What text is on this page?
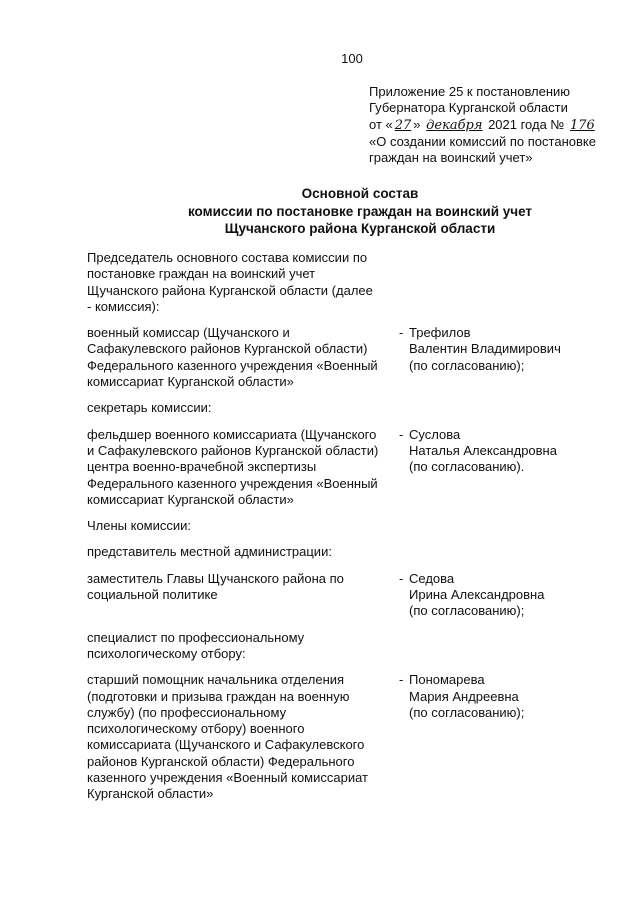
100
Приложение 25 к постановлению
Губернатора Курганской области
от « 27 » декабря 2021 года № 176
«О создании комиссий по постановке
граждан на воинский учет»
Основной состав
комиссии по постановке граждан на воинский учет
Щучанского района Курганской области
Председатель основного состава комиссии по постановке граждан на воинский учет Щучанского района Курганской области (далее - комиссия):
военный комиссар (Щучанского и Сафакулевского районов Курганской области) Федерального казенного учреждения «Военный комиссариат Курганской области»
- Трефилов
Валентин Владимирович
(по согласованию);
секретарь комиссии:
фельдшер военного комиссариата (Щучанского и Сафакулевского районов Курганской области) центра военно-врачебной экспертизы Федерального казенного учреждения «Военный комиссариат Курганской области»
- Суслова
Наталья Александровна
(по согласованию).
Члены комиссии:
представитель местной администрации:
заместитель Главы Щучанского района по социальной политике
- Седова
Ирина Александровна
(по согласованию);
специалист по профессиональному психологическому отбору:
старший помощник начальника отделения (подготовки и призыва граждан на военную службу) (по профессиональному психологическому отбору) военного комиссариата (Щучанского и Сафакулевского районов Курганской области) Федерального казенного учреждения «Военный комиссариат Курганской области»
- Пономарева
Мария Андреевна
(по согласованию);
